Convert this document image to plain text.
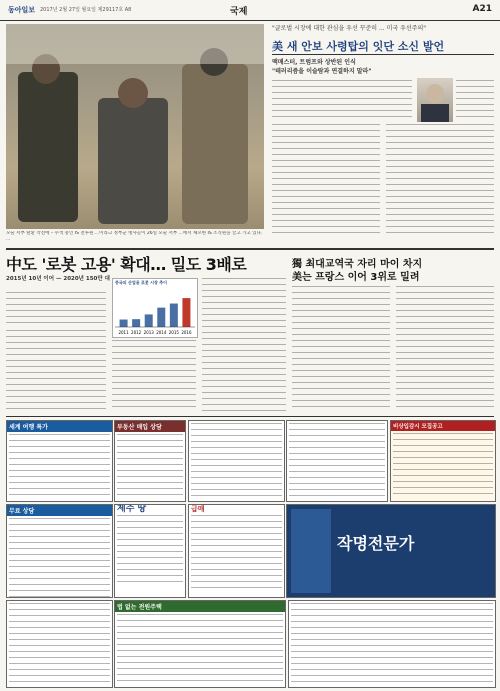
동아일보 2017년 2월 27일 월요일 제29117호 A8	국제	A21
모술 서부 탈환 작전에 – 수색 중인 IS 전투원 ...이라크 정부군 병사들이 26일 모술 서부 ...에서 체포한 IS 조직원을 끌고 가고 있다. ...
"글로벌 시장에 대한 관심을 우선 꾸준히 ... 미국 우선주의"
美 새 안보 사령탑의 잇단 소신 발언
맥매스터, 트럼프와 상반된 인식
"테러리즘을 이슬람과 연결하지 말라"
中도 '로봇 고용' 확대… 밀도 3배로
2015년 10년 이어 — 2020년 150만 대
중국의 산업용 로봇 시장 추이
2011 2012 2013 2014 2015 2016
獨 최대교역국 자리 마이 차지
美는 프랑스 이어 3위로 밀려
세계 여행 특가	부동산 매입 상담	비상입감시 모집공고
무료 상담	제주 땅	급매
작명전문가
법 없는 전원주택
